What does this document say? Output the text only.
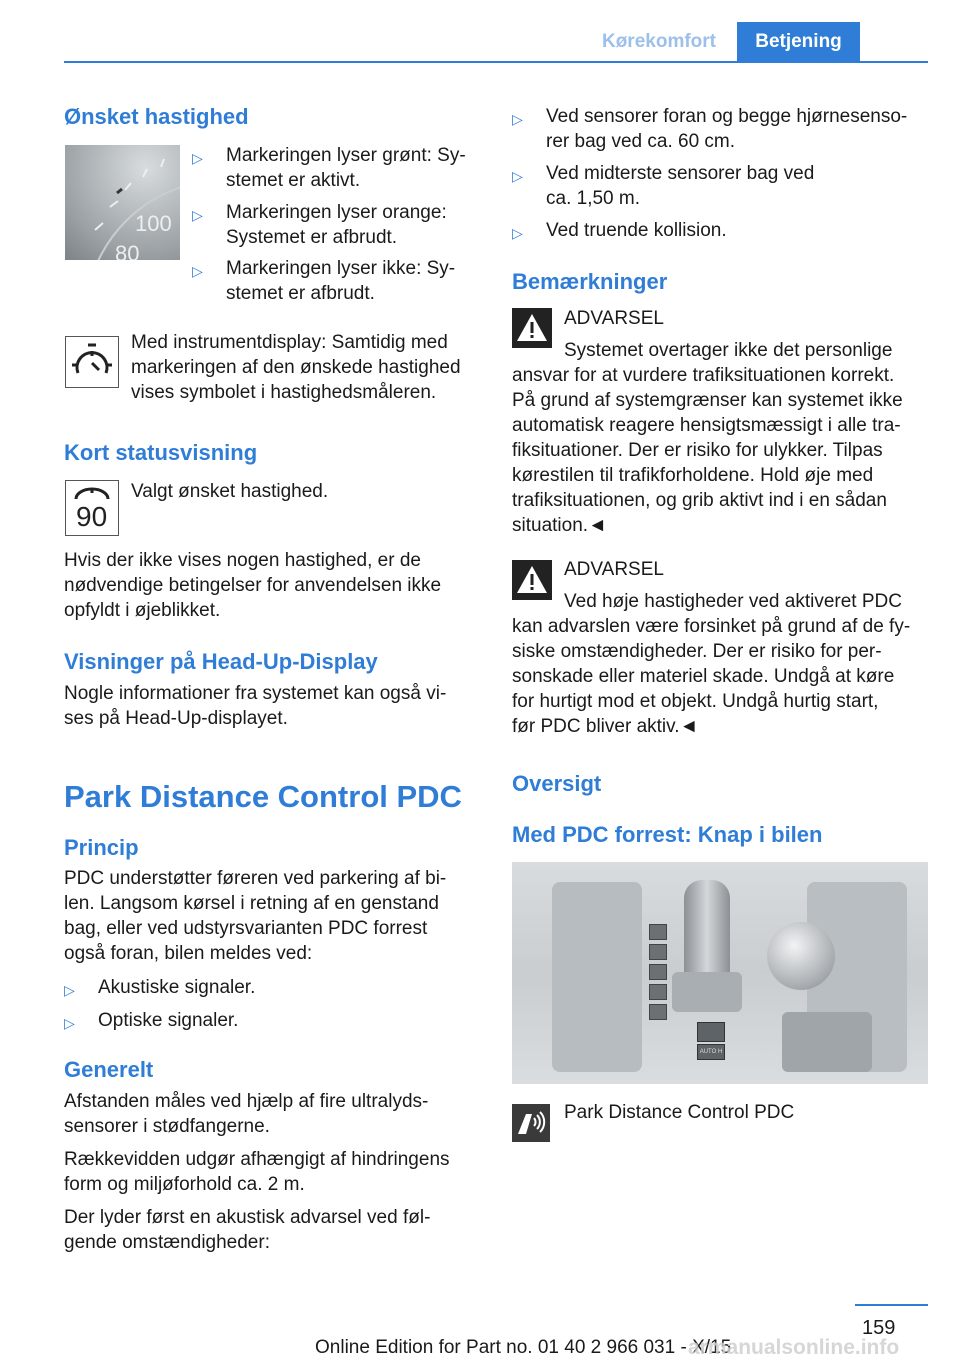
Kørekomfort Betjening
Ønsket hastighed
100
80
▷	Markeringen lyser grønt: Sy-
stemet er aktivt.
▷	Markeringen lyser orange:
Systemet er afbrudt.
▷	Markeringen lyser ikke: Sy-
stemet er afbrudt.
Med instrumentdisplay: Samtidig med
markeringen af den ønskede hastighed
vises symbolet i hastighedsmåleren.
Kort statusvisning
90
Valgt ønsket hastighed.
Hvis der ikke vises nogen hastighed, er de
nødvendige betingelser for anvendelsen ikke
opfyldt i øjeblikket.
Visninger på Head-Up-Display
Nogle informationer fra systemet kan også vi-
ses på Head-Up-displayet.
Park Distance Control PDC
Princip
PDC understøtter føreren ved parkering af bi-
len. Langsom kørsel i retning af en genstand
bag, eller ved udstyrsvarianten PDC forrest
også foran, bilen meldes ved:
▷	Akustiske signaler.
▷	Optiske signaler.
Generelt
Afstanden måles ved hjælp af fire ultralyds-
sensorer i stødfangerne.
Rækkevidden udgør afhængigt af hindringens
form og miljøforhold ca. 2 m.
Der lyder først en akustisk advarsel ved føl-
gende omstændigheder:
▷	Ved sensorer foran og begge hjørnesenso-
rer bag ved ca. 60 cm.
▷	Ved midterste sensorer bag ved
ca. 1,50 m.
▷	Ved truende kollision.
Bemærkninger
ADVARSEL
Systemet overtager ikke det personlige
ansvar for at vurdere trafiksituationen korrekt.
På grund af systemgrænser kan systemet ikke
automatisk reagere hensigtsmæssigt i alle tra-
fiksituationer. Der er risiko for ulykker. Tilpas
kørestilen til trafikforholdene. Hold øje med
trafiksituationen, og grib aktivt ind i en sådan
situation.◄
ADVARSEL
Ved høje hastigheder ved aktiveret PDC
kan advarslen være forsinket på grund af de fy-
siske omstændigheder. Der er risiko for per-
sonskade eller materiel skade. Undgå at køre
for hurtigt mod et objekt. Undgå hurtig start,
før PDC bliver aktiv.◄
Oversigt
Med PDC forrest: Knap i bilen
AUTO H
Park Distance Control PDC
159
Online Edition for Part no. 01 40 2 966 031 - X/15
armanualsonline.info
